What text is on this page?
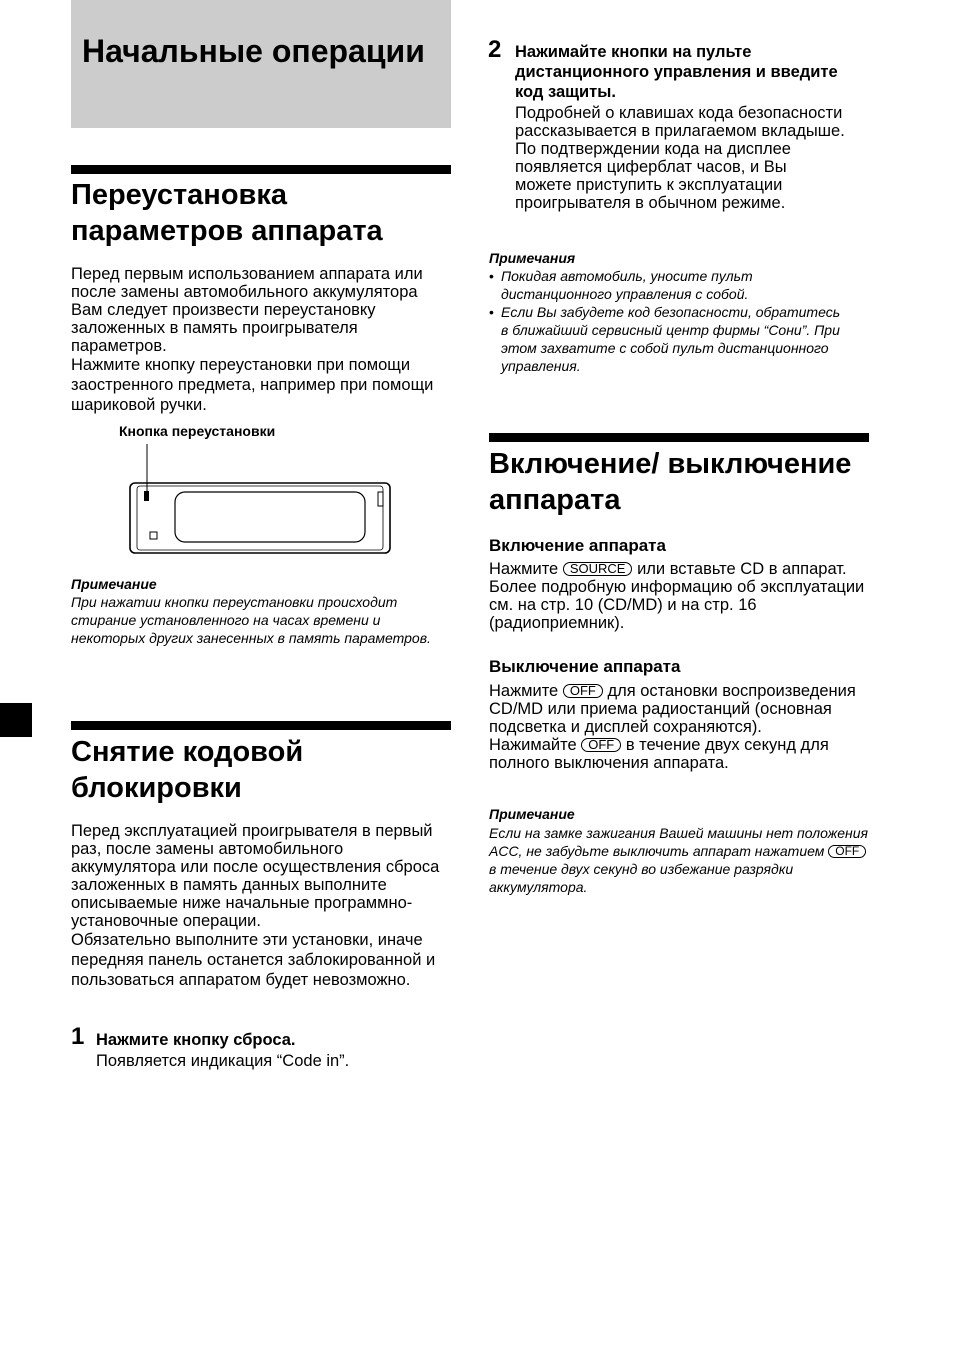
Начальные операции
Переустановка параметров аппарата

Перед первым использованием аппарата или после замены автомобильного аккумулятора Вам следует произвести переустановку заложенных в память проигрывателя параметров.

Нажмите кнопку переустановки при помощи заостренного предмета, например при помощи шариковой ручки.

Кнопка переустановки
Примечание
При нажатии кнопки переустановки происходит стирание установленного на часах времени и некоторых других занесенных в память параметров.
Снятие кодовой блокировки

Перед эксплуатацией проигрывателя в первый раз, после замены автомобильного аккумулятора или после осуществления сброса заложенных в память данных выполните описываемые ниже начальные программно-установочные операции.

Обязательно выполните эти установки, иначе передняя панель останется заблокированной и пользоваться аппаратом будет невозможно.

1 Нажмите кнопку сброса.
Появляется индикация “Code in”.
2 Нажимайте кнопки на пульте дистанционного управления и введите код защиты.

Подробней о клавишах кода безопасности рассказывается в прилагаемом вкладыше.

По подтверждении кода на дисплее появляется циферблат часов, и Вы можете приступить к эксплуатации проигрывателя в обычном режиме.

Примечания
• Покидая автомобиль, уносите пульт дистанционного управления с собой.
• Если Вы забудете код безопасности, обратитесь в ближайший сервисный центр фирмы “Сони”. При этом захватите с собой пульт дистанционного управления.
Включение/ выключение аппарата
Включение аппарата
Нажмите SOURCE или вставьте CD в аппарат. Более подробную информацию об эксплуатации см. на стр. 10 (CD/MD) и на стр. 16 (радиоприемник).
Выключение аппарата

Нажмите OFF для остановки воспроизведения CD/MD или приема радиостанций (основная подсветка и дисплей сохраняются).

Нажимайте OFF в течение двух секунд для полного выключения аппарата.

Примечание
Если на замке зажигания Вашей машины нет положения ACC, не забудьте выключить аппарат нажатием OFF в течение двух секунд во избежание разрядки аккумулятора.
